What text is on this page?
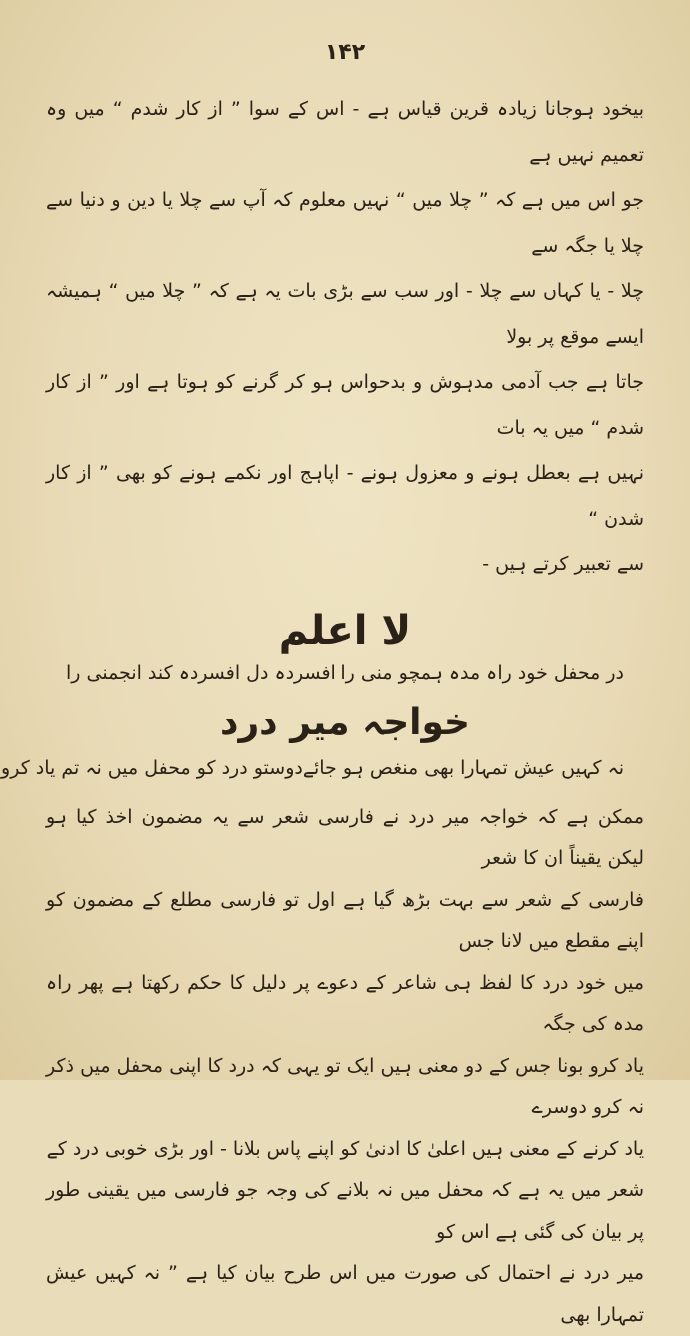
۱۴۲

بیخود ہوجانا زیادہ قرین قیاس ہے - اس کے سوا ” از کار شدم “ میں وہ تعمیم نہیں ہے

جو اس میں ہے کہ ” چلا میں “ نہیں معلوم کہ آپ سے چلا یا دین و دنیا سے چلا یا جگہ سے

چلا - یا کہاں سے چلا - اور سب سے بڑی بات یہ ہے کہ ” چلا میں “ ہمیشہ ایسے موقع پر بولا

جاتا ہے جب آدمی مدہوش و بدحواس ہو کر گرنے کو ہوتا ہے اور ” از کار شدم “ میں یہ بات

نہیں ہے بعطل ہونے و معزول ہونے - اپاہج اور نکمے ہونے کو بھی ” از کار شدن “

سے تعبیر کرتے ہیں -

لا اعلم
در محفل خود راہ مدہ ہمچو منی را
افسردہ دل افسردہ کند انجمنی را
خواجہ میر درد
نہ کہیں عیش تمہارا بھی منغص ہو جائے
دوستو درد کو محفل میں نہ تم یاد کرو

ممکن ہے کہ خواجہ میر درد نے فارسی شعر سے یہ مضمون اخذ کیا ہو لیکن یقیناً ان کا شعر

فارسی کے شعر سے بہت بڑھ گیا ہے اول تو فارسی مطلع کے مضمون کو اپنے مقطع میں لانا جس

میں خود درد کا لفظ ہی شاعر کے دعوے پر دلیل کا حکم رکھتا ہے پھر راہ مدہ کی جگہ

یاد کرو بونا جس کے دو معنی ہیں ایک تو یہی کہ درد کا اپنی محفل میں ذکر نہ کرو دوسرے

یاد کرنے کے معنی ہیں اعلیٰ کا ادنیٰ کو اپنے پاس بلانا - اور بڑی خوبی درد کے

شعر میں یہ ہے کہ محفل میں نہ بلانے کی وجہ جو فارسی میں یقینی طور پر بیان کی گئی ہے اس کو

میر درد نے احتمال کی صورت میں اس طرح بیان کیا ہے ” نہ کہیں عیش تمہارا بھی
